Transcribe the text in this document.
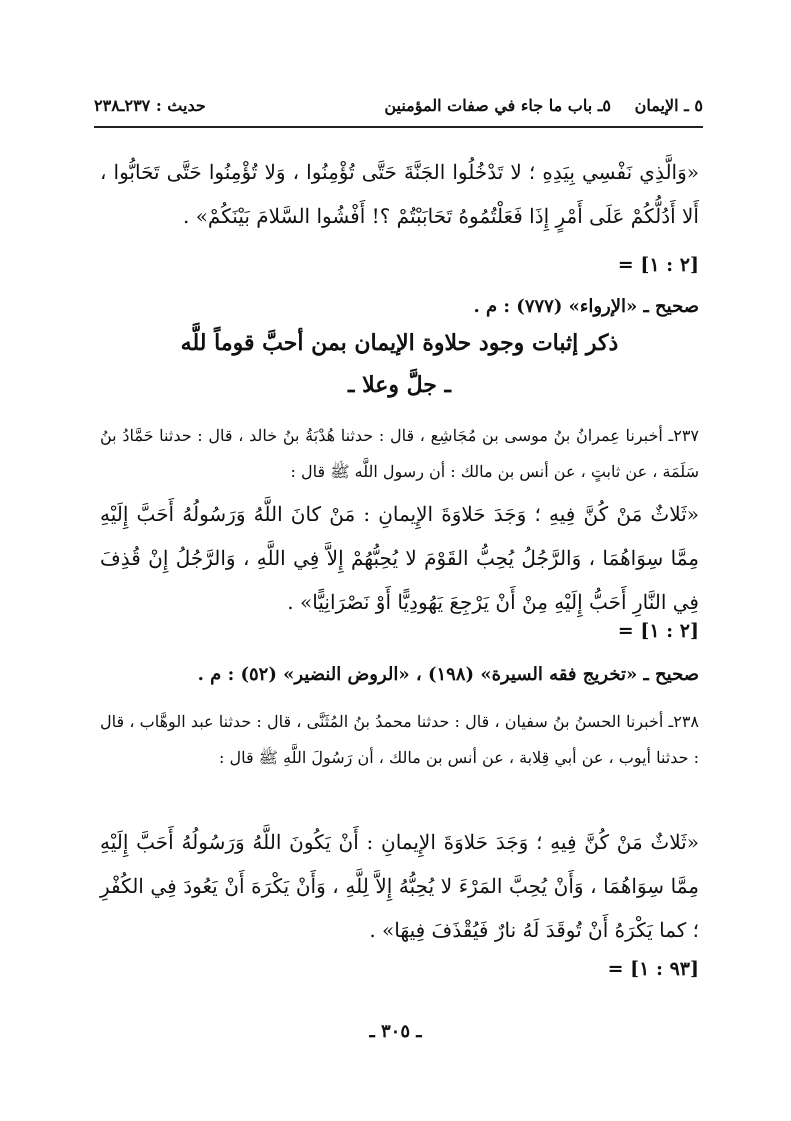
٥ ـ الإيمان
٥ـ باب ما جاء في صفات المؤمنين
حديث : ٢٣٧ـ٢٣٨
«وَالَّذِي نَفْسِي بِيَدِهِ ؛ لا تَدْخُلُوا الجَنَّةَ حَتَّى تُؤْمِنُوا ، وَلا تُؤْمِنُوا حَتَّى تَحَابُّوا ، أَلا أَدُلُّكُمْ عَلَى أَمْرٍ إِذَا فَعَلْتُمُوهُ تَحَابَبْتُمْ ؟! أَفْشُوا السَّلامَ بَيْنَكُمْ» .
[٢ : ١] =
صحيح ـ «الإرواء» (٧٧٧) : م .
ذكر إثبات وجود حلاوة الإيمان بمن أحبَّ قوماً للَّه
ـ جلَّ وعلا ـ
٢٣٧ـ أخبرنا عِمرانُ بنُ موسى بن مُجَاشِع ، قال : حدثنا هُدْبَةُ بنُ خالد ، قال : حدثنا حَمَّادُ بنُ سَلَمَة ، عن ثابتٍ ، عن أنس بن مالك : أن رسول اللَّه ﷺ قال :
«ثَلاثٌ مَنْ كُنَّ فِيهِ ؛ وَجَدَ حَلاوَةَ الإِيمانِ : مَنْ كانَ اللَّهُ وَرَسُولُهُ أَحَبَّ إِلَيْهِ مِمَّا سِوَاهُمَا ، وَالرَّجُلُ يُحِبُّ القَوْمَ لا يُحِبُّهُمْ إِلاَّ فِي اللَّهِ ، وَالرَّجُلُ إِنْ قُذِفَ فِي النَّارِ أَحَبُّ إِلَيْهِ مِنْ أَنْ يَرْجِعَ يَهُودِيًّا أَوْ نَصْرَانِيًّا» .
[٢ : ١] =
صحيح ـ «تخريج فقه السيرة» (١٩٨) ، «الروض النضير» (٥٢) : م .
٢٣٨ـ أخبرنا الحسنُ بنُ سفيان ، قال : حدثنا محمدُ بنُ المُثَنَّى ، قال : حدثنا عبد الوهَّاب ، قال : حدثنا أيوب ، عن أبي قِلابة ، عن أنس بن مالك ، أن رَسُولَ اللَّهِ ﷺ قال :
«ثَلاثٌ مَنْ كُنَّ فِيهِ ؛ وَجَدَ حَلاوَةَ الإِيمانِ : أَنْ يَكُونَ اللَّهُ وَرَسُولُهُ أَحَبَّ إِلَيْهِ مِمَّا سِوَاهُمَا ، وَأَنْ يُحِبَّ المَرْءَ لا يُحِبُّهُ إِلاَّ لِلَّهِ ، وَأَنْ يَكْرَهَ أَنْ يَعُودَ فِي الكُفْرِ ؛ كما يَكْرَهُ أَنْ تُوقَدَ لَهُ نارٌ فَيُقْذَفَ فِيهَا» .
[٩٣ : ١] =
ـ ٣٠٥ ـ
